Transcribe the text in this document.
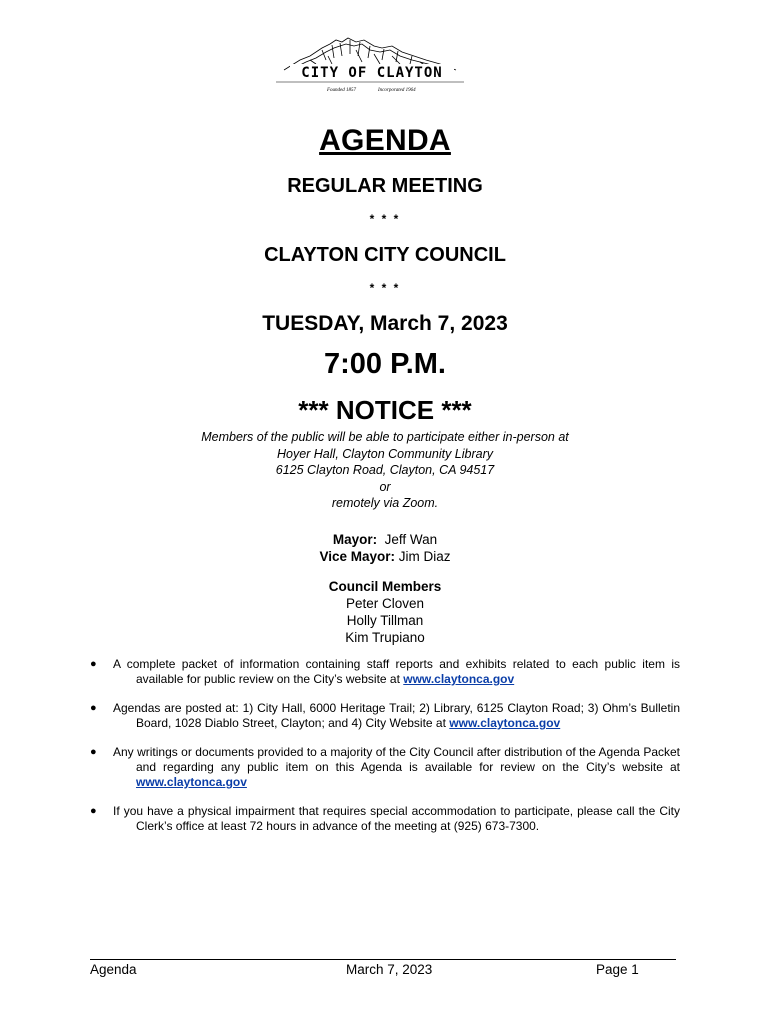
CITY OF CLAYTON
Founded 1857	Incorporated 1964
AGENDA
REGULAR MEETING
* * *
CLAYTON CITY COUNCIL
* * *
TUESDAY, March 7, 2023
7:00 P.M.
*** NOTICE ***
Members of the public will be able to participate either in-person at
Hoyer Hall, Clayton Community Library
6125 Clayton Road, Clayton, CA 94517
or
remotely via Zoom.
Mayor: Jeff Wan
Vice Mayor: Jim Diaz
Council Members
Peter Cloven
Holly Tillman
Kim Trupiano
● A complete packet of information containing staff reports and exhibits related to each public item is available for public review on the City’s website at www.claytonca.gov
● Agendas are posted at: 1) City Hall, 6000 Heritage Trail; 2) Library, 6125 Clayton Road; 3) Ohm’s Bulletin Board, 1028 Diablo Street, Clayton; and 4) City Website at www.claytonca.gov
● Any writings or documents provided to a majority of the City Council after distribution of the Agenda Packet and regarding any public item on this Agenda is available for review on the City’s website at www.claytonca.gov
● If you have a physical impairment that requires special accommodation to participate, please call the City Clerk’s office at least 72 hours in advance of the meeting at (925) 673-7300.
Agenda	March 7, 2023	Page 1
